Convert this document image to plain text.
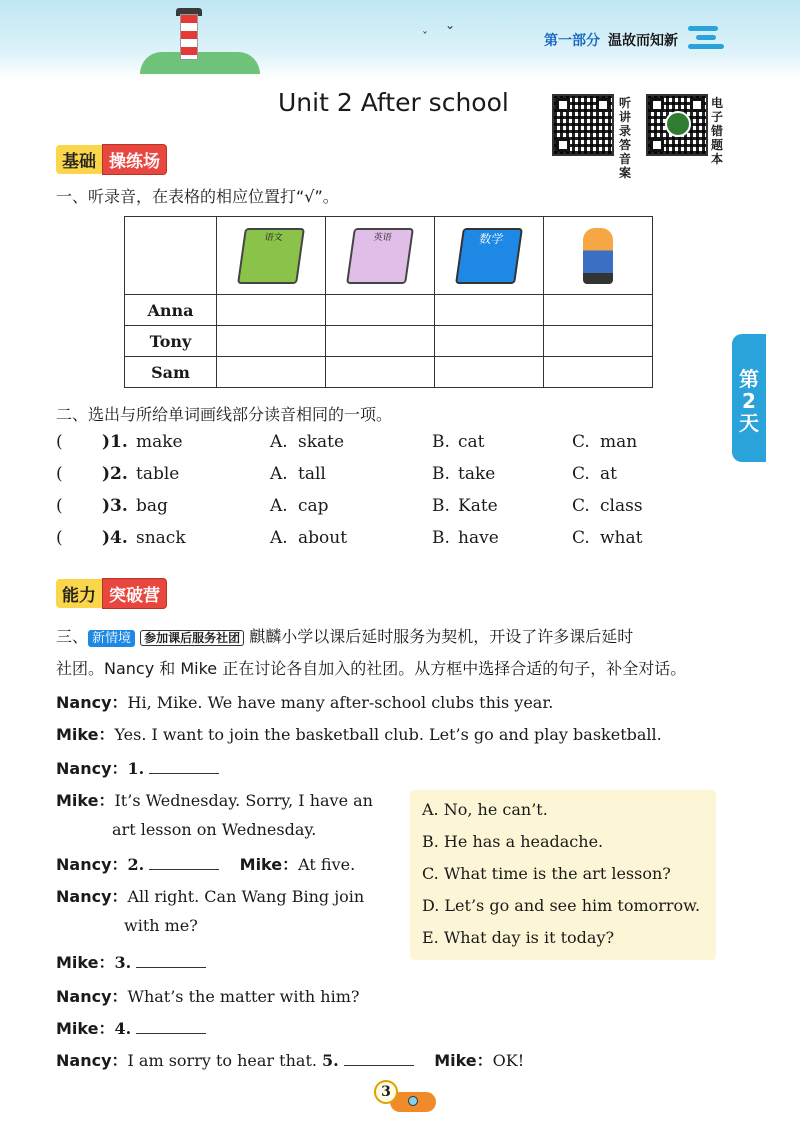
⌄
ˇ	第一部分 温故而知新
Unit 2 After school	听讲
录答
音案
电
子
错
题
本
基础 操练场
一、听录音，在表格的相应位置打“√”。

	语文	英语	数学	

Anna				
Tony				
Sam					第
2
天
二、选出与所给单词画线部分读音相同的一项。
( )1. make	A. skate	B. cat	C. man
( )2. table	A. tall	B. take	C. at
( )3. bag	A. cap	B. Kate	C. class
( )4. snack	A. about	B. have	C. what
能力 突破营
三、 新情境 参加课后服务社团 麒麟小学以课后延时服务为契机，开设了许多课后延时
社团。Nancy 和 Mike 正在讨论各自加入的社团。从方框中选择合适的句子，补全对话。
Nancy：Hi, Mike. We have many after-school clubs this year.
Mike：Yes. I want to join the basketball club. Let’s go and play basketball.
Nancy：1.
Mike：It’s Wednesday. Sorry, I have an
art lesson on Wednesday.
Nancy：2.	Mike：At five.
Nancy：All right. Can Wang Bing join
with me?
Mike：3.
Nancy：What’s the matter with him?
Mike：4.
Nancy：I am sorry to hear that. 5.	Mike：OK!
A. No, he can’t.
B. He has a headache.
C. What time is the art lesson?
D. Let’s go and see him tomorrow.
E. What day is it today?
3
